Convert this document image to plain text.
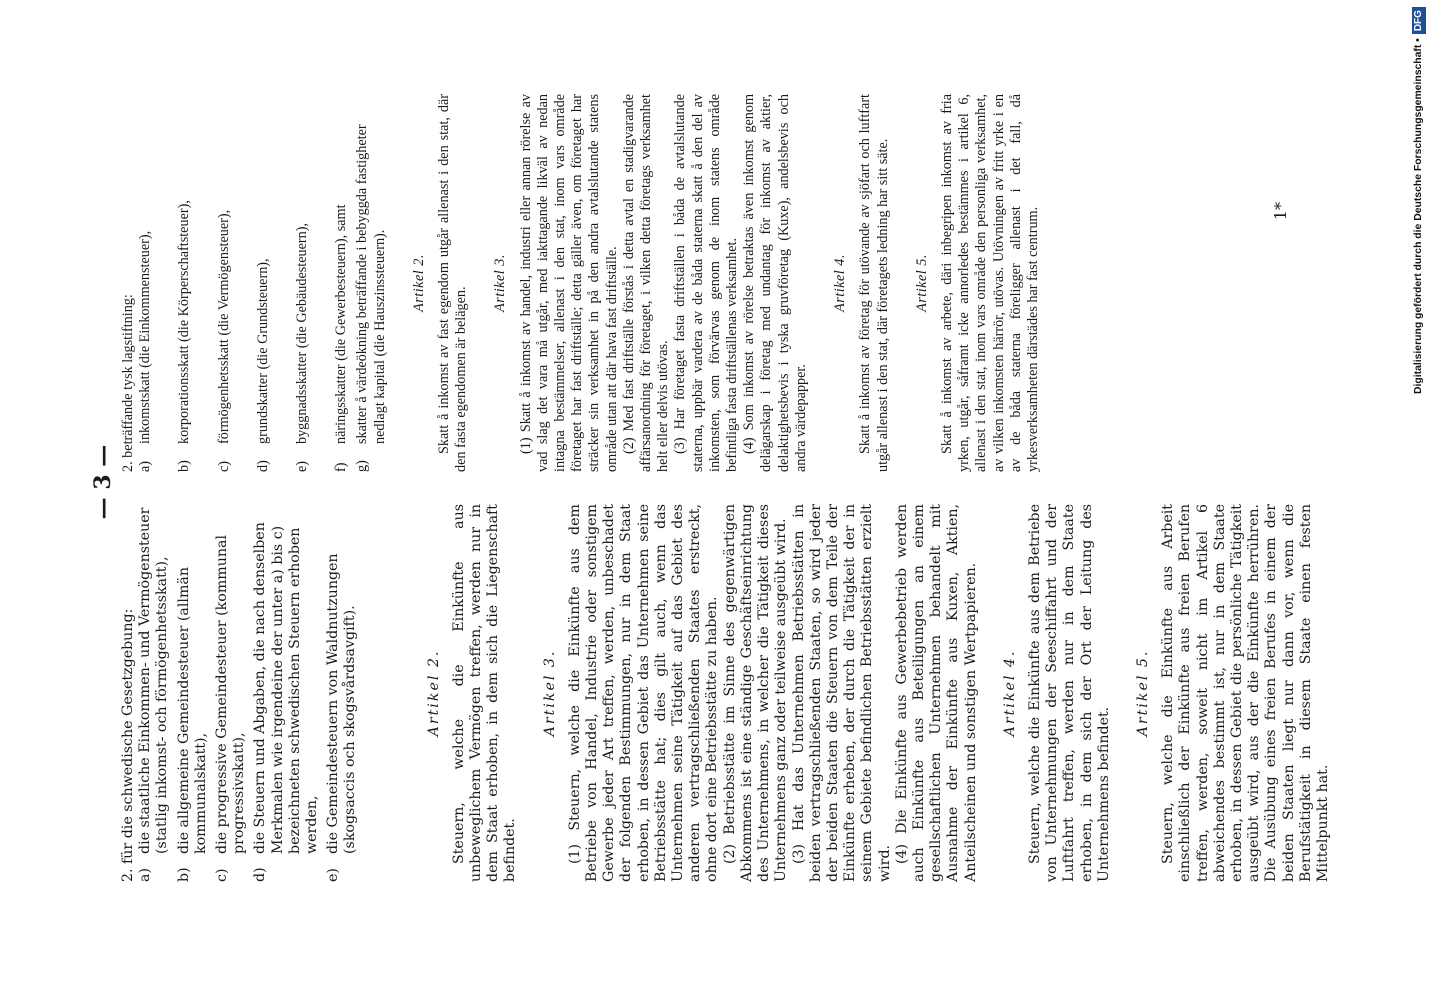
— 3 —

2. für die schwedische Gesetzgebung: a)
die staatliche Einkommen- und Vermögensteuer (statlig inkomst- och förmögenhetsskatt),
b)
die allgemeine Gemeindesteuer (allmän kommunalskatt),
c)
die progressive Gemeindesteuer (kommunal progressivskatt),
d)
die Steuern und Abgaben, die nach denselben Merkmalen wie irgendeine der unter a) bis c) bezeichneten schwedischen Steuern erhoben werden,
e)
die Gemeindesteuern von Waldnutzungen (skogsaccis och skogsvårdsavgift).	Artikel 2. Steuern, welche die Einkünfte aus unbeweglichem Vermögen treffen, werden nur in dem Staat erhoben, in dem sich die Liegenschaft befindet.

Artikel 3. (1) Steuern, welche die Einkünfte aus dem Betriebe von Handel, Industrie oder sonstigem Gewerbe jeder Art treffen, werden, unbeschadet der folgenden Bestimmungen, nur in dem Staat erhoben, in dessen Gebiet das Unternehmen seine Betriebsstätte hat; dies gilt auch, wenn das Unternehmen seine Tätigkeit auf das Gebiet des anderen vertragschließenden Staates erstreckt, ohne dort eine Betriebsstätte zu haben. (2) Betriebsstätte im Sinne des gegenwärtigen Abkommens ist eine ständige Geschäftseinrichtung des Unternehmens, in welcher die Tätigkeit dieses Unternehmens ganz oder teilweise ausgeübt wird. (3) Hat das Unternehmen Betriebsstätten in beiden vertragschließenden Staaten, so wird jeder der beiden Staaten die Steuern von dem Teile der Einkünfte erheben, der durch die Tätigkeit der in seinem Gebiete befindlichen Betriebsstätten erzielt wird. (4) Die Einkünfte aus Gewerbebetrieb werden auch Einkünfte aus Beteiligungen an einem gesellschaftlichen Unternehmen behandelt mit Ausnahme der Einkünfte aus Kuxen, Aktien, Anteilscheinen und sonstigen Wertpapieren. Artikel 4. Steuern, welche die Einkünfte aus dem Betriebe von Unternehmungen der Seeschiffahrt und der Luftfahrt treffen, werden nur in dem Staate erhoben, in dem sich der Ort der Leitung des Unternehmens befindet.

Artikel 5. Steuern, welche die Einkünfte aus Arbeit einschließlich der Einkünfte aus freien Berufen treffen, werden, soweit nicht im Artikel 6 abweichendes bestimmt ist, nur in dem Staate erhoben, in dessen Gebiet die persönliche Tätigkeit ausgeübt wird, aus der die Einkünfte herrühren. Die Ausübung eines freien Berufes in einem der beiden Staaten liegt nur dann vor, wenn die Berufstätigkeit in diesem Staate einen festen Mittelpunkt hat.

2. beträffande tysk lagstiftning: a)
inkomstskatt (die Einkommensteuer),
b)
korporationsskatt (die Körperschaftsteuer),
c)
förmögenhetsskatt (die Vermögensteuer),
d)
grundskatter (die Grundsteuern),
e)
byggnadsskatter (die Gebäudesteuern),
f)
näringsskatter (die Gewerbesteuern), samt
g)
skatter å värdeökning beträffande i bebyggda fastigheter nedlagt kapital (die Hauszinssteuern). Artikel 2. Skatt å inkomst av fast egendom utgår allenast i den stat, där den fasta egendomen är belägen.

Artikel 3. (1) Skatt å inkomst av handel, industri eller annan rörelse av vad slag det vara må utgår, med iakttagande likväl av nedan intagna bestämmelser, allenast i den stat, inom vars område företaget har fast driftställe; detta gäller även, om företaget har sträcker sin verksamhet in på den andra avtalslutande statens område utan att där hava fast driftställe. (2) Med fast driftställe förstås i detta avtal en stadigvarande affärsanordning för företaget, i vilken detta företags verksamhet helt eller delvis utövas. (3) Har företaget fasta driftställen i båda de avtalslutande staterna, uppbär vardera av de båda staterna skatt å den del av inkomsten, som förvärvas genom de inom statens område befintliga fasta driftställenas verksamhet. (4) Som inkomst av rörelse betraktas även inkomst genom delägarskap i företag med undantag för inkomst av aktier, delaktighetsbevis i tyska gruvföretag (Kuxe), andelsbevis och andra värdepapper.

Artikel 4. Skatt å inkomst av företag för utövande av sjöfart och luftfart utgår allenast i den stat, där företagets ledning har sitt säte. Artikel 5. Skatt å inkomst av arbete, däri inbegripen inkomst av fria yrken, utgår, såframt icke annorledes bestämmes i artikel 6, allenast i den stat, inom vars område den personliga verksamhet, av vilken inkomsten härrör, utövas. Utövningen av fritt yrke i en av de båda staterna föreligger allenast i det fall, då yrkesverksamheten därstädes har fast centrum.	1*	Digitalisierung gefördert durch die Deutsche Forschungsgemeinschaft •DFG
